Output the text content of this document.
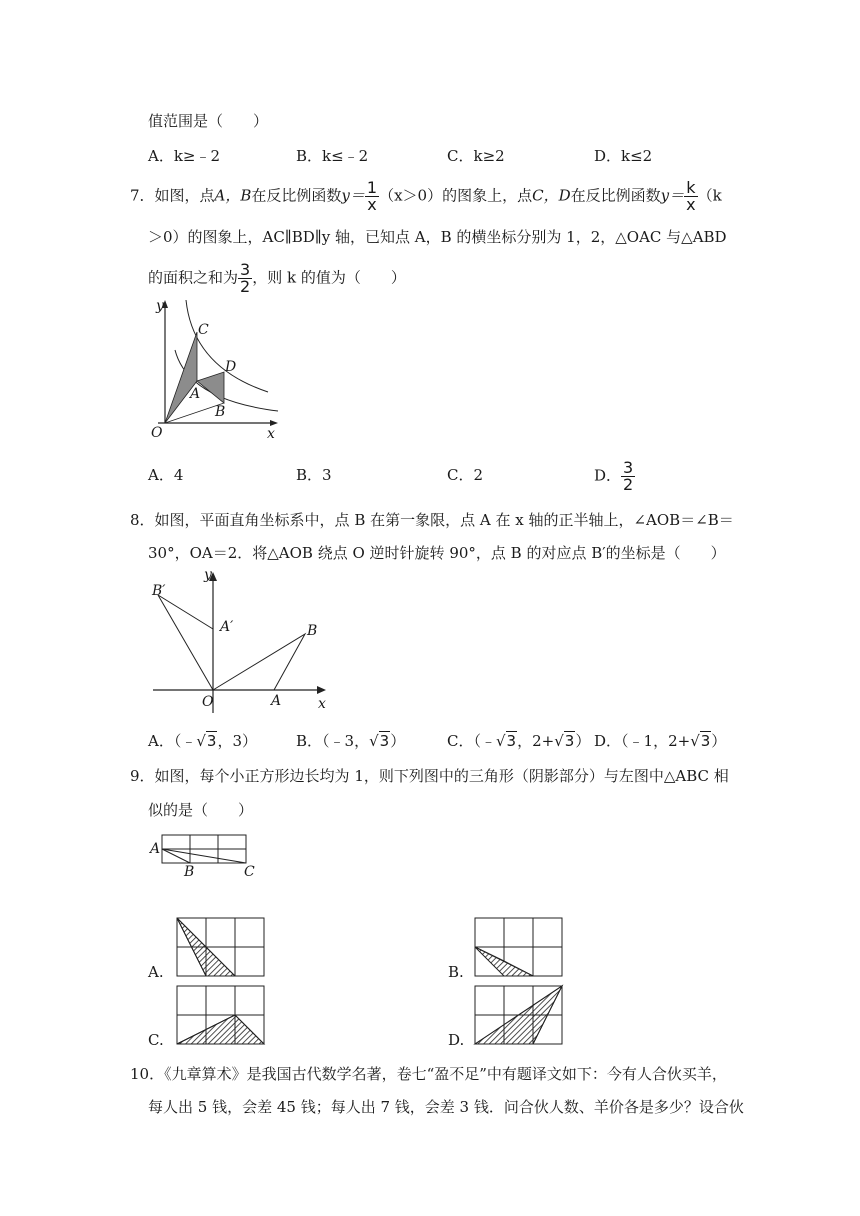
值范围是（　　）
A．k≥﹣2	B．k≤﹣2	C．k≥2	D．k≤2
7．如图，点A，B在反比例函数$y= \frac{1}{x} (x>0)$的图象上，点C，D在反比例函数$y= \frac{k}{x} (k$
＞0）的图象上，AC∥BD∥y 轴，已知点 A，B 的横坐标分别为 1，2，△OAC 与△ABD
的面积之和为 $\frac{3}{2}$ ，则 k 的值为（　　）
y
x
O
A
B
C
D
A．4	B．3	C．2	D． $\frac{3}{2}$
8．如图，平面直角坐标系中，点 B 在第一象限，点 A 在 x 轴的正半轴上，∠AOB＝∠B＝
30°，OA＝2．将△AOB 绕点 O 逆时针旋转 90°，点 B 的对应点 B′的坐标是（　　）
y
x
O	A
B
B′
A′
A．（﹣√3，3）	B．（﹣3，√3）	C．（﹣√3，2+√3） D．（﹣1，2+√3）
9．如图，每个小正方形边长均为 1，则下列图中的三角形（阴影部分）与左图中△ABC 相
似的是（　　）
A
B	C
A.	B.
C.	D.
10．《九章算术》是我国古代数学名著，卷七“盈不足”中有题译文如下：今有人合伙买羊，
每人出 5 钱，会差 45 钱；每人出 7 钱，会差 3 钱．问合伙人数、羊价各是多少？设合伙
